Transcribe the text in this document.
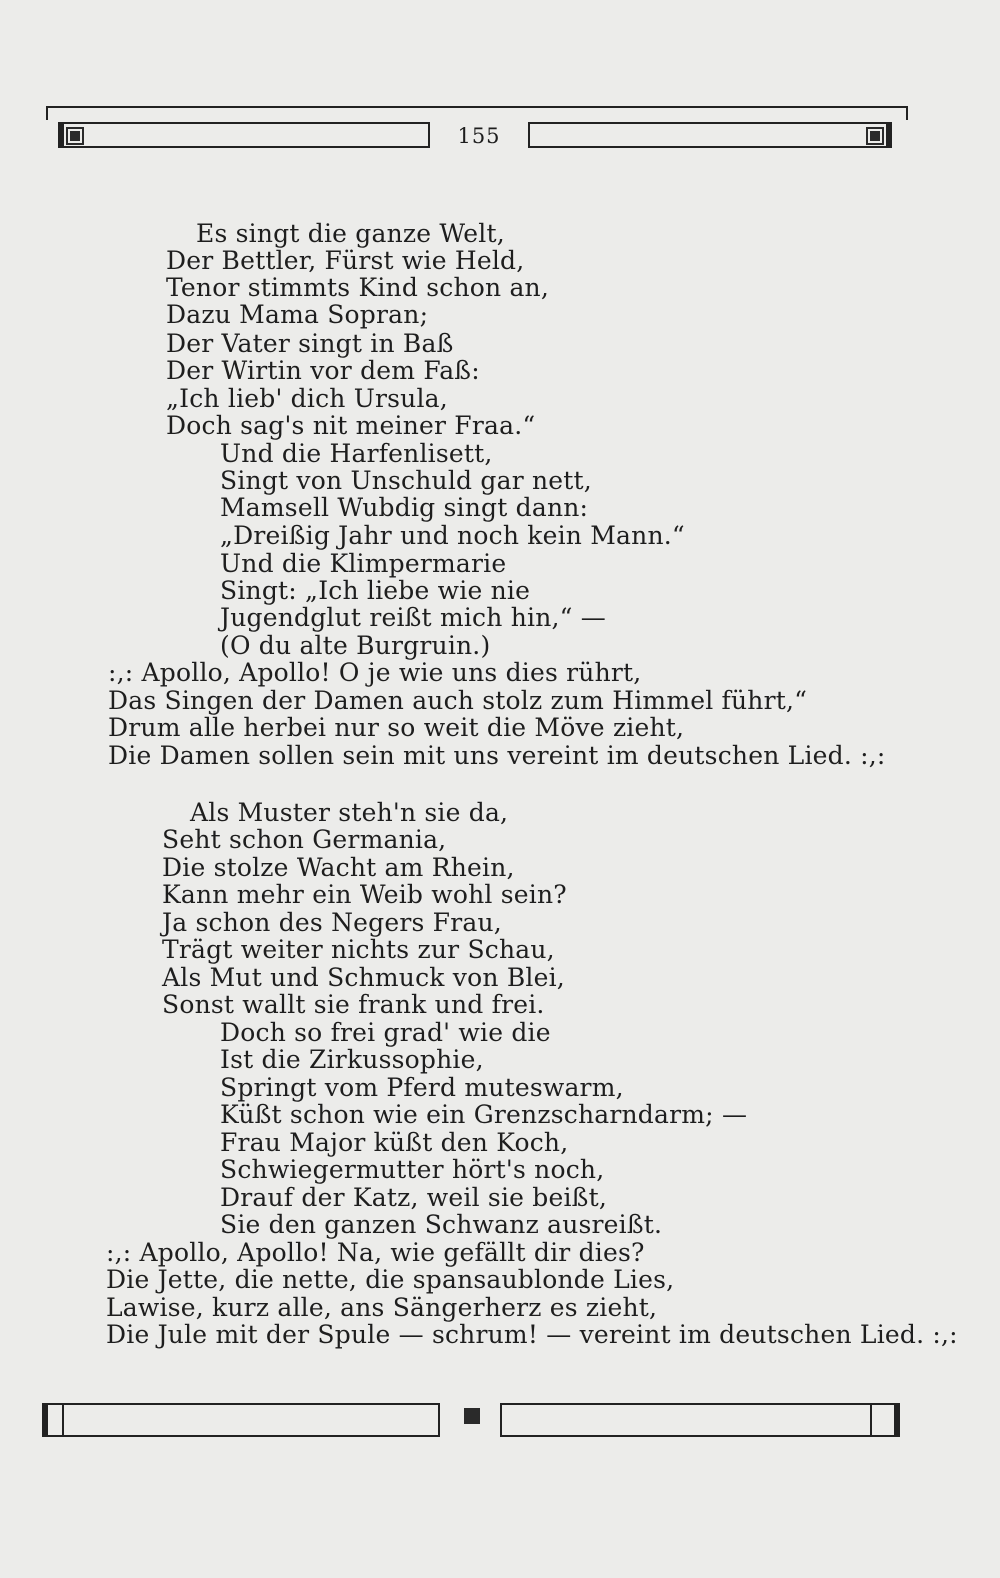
155
Es singt die ganze Welt,
Der Bettler, Fürst wie Held,
Tenor stimmts Kind schon an,
Dazu Mama Sopran;
Der Vater singt in Baß
Der Wirtin vor dem Faß:
„Ich lieb' dich Ursula,
Doch sag's nit meiner Fraa.“
Und die Harfenlisett,
Singt von Unschuld gar nett,
Mamsell Wubdig singt dann:
„Dreißig Jahr und noch kein Mann.“
Und die Klimpermarie
Singt: „Ich liebe wie nie
Jugendglut reißt mich hin,“ —
(O du alte Burgruin.)
:,: Apollo, Apollo! O je wie uns dies rührt,
Das Singen der Damen auch stolz zum Himmel führt,“
Drum alle herbei nur so weit die Möve zieht,
Die Damen sollen sein mit uns vereint im deutschen Lied. :,:
Als Muster steh'n sie da,
Seht schon Germania,
Die stolze Wacht am Rhein,
Kann mehr ein Weib wohl sein?
Ja schon des Negers Frau,
Trägt weiter nichts zur Schau,
Als Mut und Schmuck von Blei,
Sonst wallt sie frank und frei.
Doch so frei grad' wie die
Ist die Zirkussophie,
Springt vom Pferd muteswarm,
Küßt schon wie ein Grenzscharndarm; —
Frau Major küßt den Koch,
Schwiegermutter hört's noch,
Drauf der Katz, weil sie beißt,
Sie den ganzen Schwanz ausreißt.
:,: Apollo, Apollo! Na, wie gefällt dir dies?
Die Jette, die nette, die spansaublonde Lies,
Lawise, kurz alle, ans Sängerherz es zieht,
Die Jule mit der Spule — schrum! — vereint im deutschen Lied. :,:
